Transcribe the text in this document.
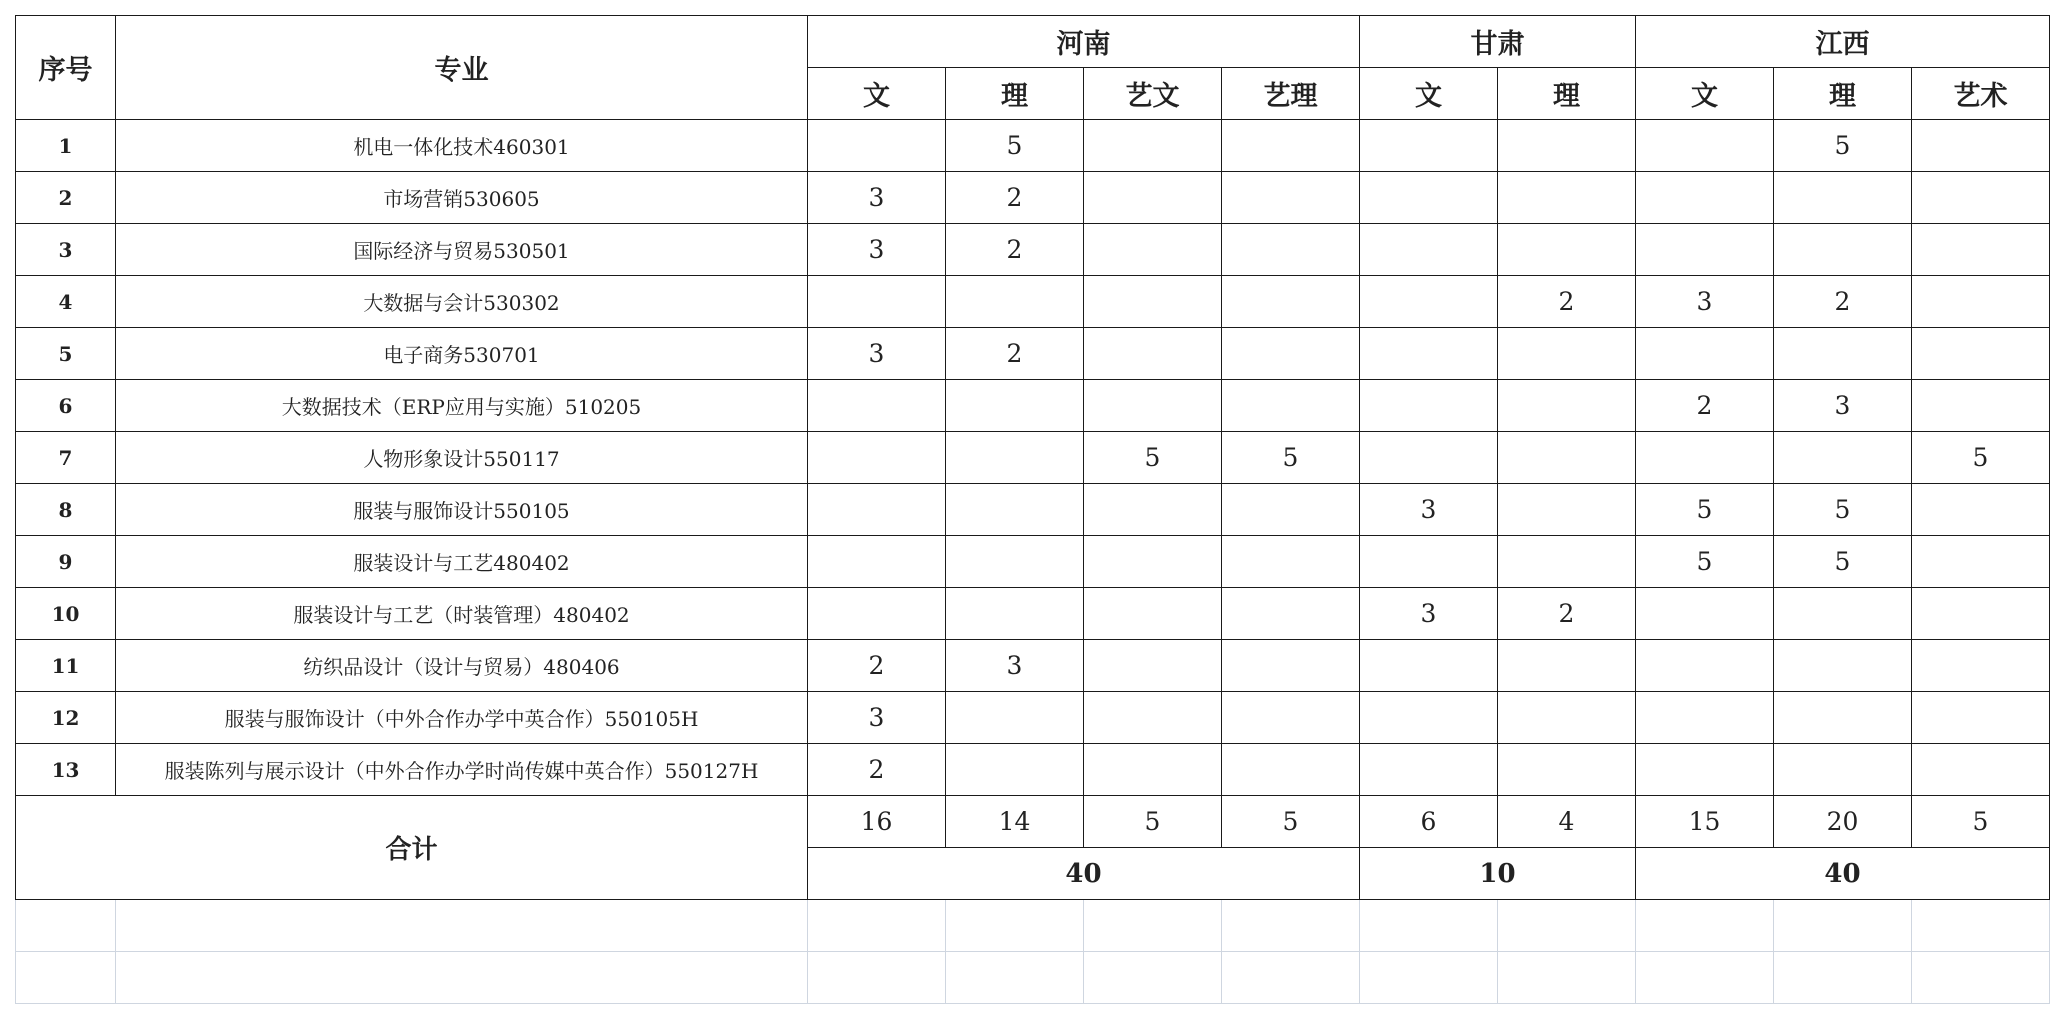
序号	专业	河南				甘肃		江西		
		文	理	艺文	艺理	文	理	文	理	艺术
1	机电一体化技术460301		5						5	
2	市场营销530605	3	2							
3	国际经济与贸易530501	3	2							
4	大数据与会计530302						2	3	2	
5	电子商务530701	3	2							
6	大数据技术（ERP应用与实施）510205							2	3	
7	人物形象设计550117			5	5					5
8	服装与服饰设计550105					3		5	5	
9	服装设计与工艺480402							5	5	
10	服装设计与工艺（时装管理）480402					3	2			
11	纺织品设计（设计与贸易）480406	2	3							
12	服装与服饰设计（中外合作办学中英合作）550105H	3								
13	服装陈列与展示设计（中外合作办学时尚传媒中英合作）550127H	2								
合计		16	14	5	5	6	4	15	20	5
		40				10		40		
